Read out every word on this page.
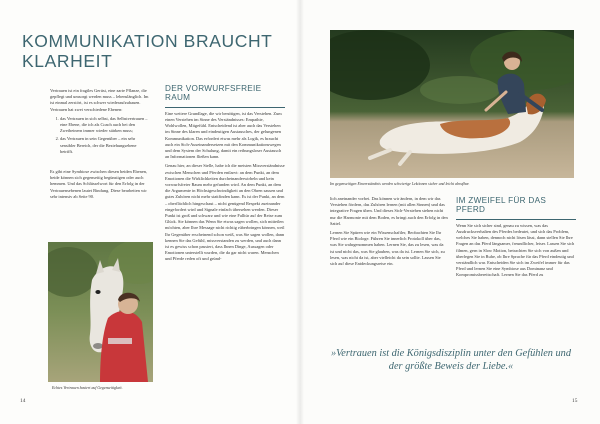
KOMMUNIKATION BRAUCHT
KLARHEIT

Vertrauen ist ein fragiles Gerüst, eine zarte Pflanze, die gepflegt und umsorgt werden muss – lebenslänglich. Im ist einmal zerstört, ist es schwer wiederaufzubauen. Vertrauen hat zwei verschiedene Ebenen:

1. das Vertrauen in sich selbst, das Selbstvertrauen – eine Ebene, die ich als Coach auch bei den Zweibeinern immer wieder stärken muss;
2. das Vertrauen in sein Gegenüber – ein sehr sensibler Bereich, der die Beziehungsebene betrifft.

Es gibt eine Symbiose zwischen diesen beiden Ebenen, beide können sich gegenseitig begünstigen oder auch hemmen. Und das Schlüsselwort für den Erfolg in der Vertrauensebenen lautet Bindung. Diese bearbeiten wir sehr intensiv ab Seite 90.

DER VORWURFSFREIE
RAUM

Eine weitere Grundlage, die wir benötigen, ist das Verstehen. Zum einen Verstehen im Sinne des Verständnisses: Empathie, Wohlwollen, Mitgefühl. Entscheidend ist aber auch das Verstehen im Sinne des klaren und eindeutigen Austausches, der gelungenen Kommunikation. Das erfordert etwas mehr als Logik, es braucht auch ein Sich-Auseinandersetzen mit den Kommunikationswegen und dem System der Schulung, damit ein reibungsloser Austausch an Informationen fließen kann.

Genau hier, an dieser Stelle, habe ich die meisten Missverständnisse zwischen Menschen und Pferden entlarvt: an dem Punkt, an dem Emotionen die Wirklichkeiten durcheinanderwirbeln und kein vorwurfsfreier Raum mehr gefunden wird. An dem Punkt, an dem die Argumente in Höchstgeschwindigkeit an den Ohren sausen und gutes Zuhören nicht mehr stattfinden kann. Es ist der Punkt, an dem – oberflächlich hingeschaut – nicht genügend Respekt zueinander eingefordert wird und Signale einfach übersehen werden. Dieser Punkt ist groß und schwarz und wie eine Falltür auf der Reise zum Glück. Sie können das Wenn Sie etwas sagen wollen, sich mitteilen möchten, aber Ihre Message nicht richtig rüberbringen können, weil Ihr Gegenüber erscheinend schon weiß, was Sie sagen wollen, dann kennen Sie das Gefühl, missverstanden zu werden, und auch dann ist es gewiss schon passiert, dass Ihnen Dinge, Aussagen oder Emotionen unterstellt wurden, die da gar nicht waren. Menschen und Pferde reden oft und gründ-

Echtes Vertrauen basiert auf Gegenseitigkeit.
14
Im gegenseitigen Einverständnis werden schwierige Lektionen sicher und leicht abrufbar.

lich aneinander vorbei. Das können wir ändern, in dem wir das Verstehen fördern, das Zuhören lernen (mit allen Sinnen) und das integrative Fragen üben. Und dieses Sich-Verstehen stehen nicht nur die Harmonie mit dem Boden, es bringt auch den Erfolg in den Sattel.

Lernen Sie Spüren wie ein Wissenschaftler, Beobachten Sie Ihr Pferd wie ein Biologe. Führen Sie innerlich Protokoll über das, was Sie wahrgenommen haben. Lernen Sie, das zu lesen, was da ist und nicht das, was Sie glauben, was da ist. Lernen Sie sich, zu lesen, was nicht da ist, aber vielleicht da sein sollte. Lassen Sie sich auf diese Entdeckungsreise ein.

IM ZWEIFEL FÜR DAS
PFERD

Wenn Sie sich sicher sind, genau zu wissen, was das Ausdrucksverhalten des Pferdes bedeutet, und sich das Problem, welches Sie haben, dennoch nicht lösen lässt, dann stellen Sie Ihre Fragen an das Pferd längsamer, freundlicher, leiser. Lassen Sie sich filmen, gern in Slow Motion, betrachten Sie sich von außen und überlegen Sie in Ruhe, ob Ihre Sprache für das Pferd eindeutig und verständlich war. Entscheiden Sie sich im Zweifel immer für das Pferd und lernen Sie eine Symbiose aus Dominanz und Kompromissbereitschaft. Lernen Sie das Pferd zu

»Vertrauen ist die Königsdisziplin unter den Gefühlen und der größte Beweis der Liebe.«

15
